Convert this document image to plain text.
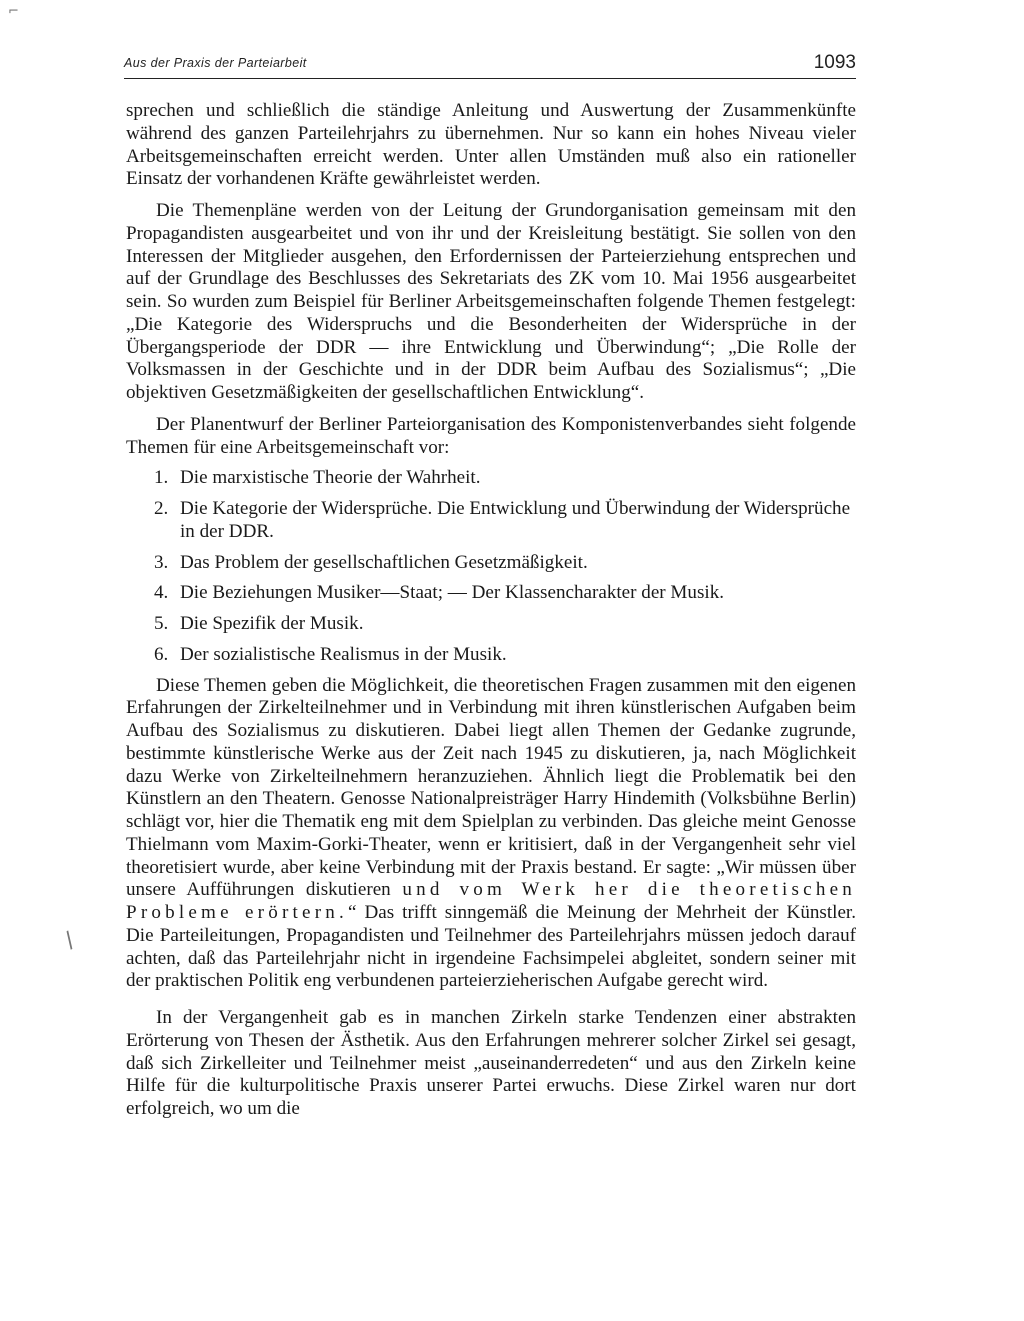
Aus der Praxis der Parteiarbeit	1093

sprechen und schließlich die ständige Anleitung und Auswertung der Zusammenkünfte während des ganzen Parteilehrjahrs zu übernehmen. Nur so kann ein hohes Niveau vieler Arbeitsgemeinschaften erreicht werden. Unter allen Umständen muß also ein rationeller Einsatz der vorhandenen Kräfte gewährleistet werden.

Die Themenpläne werden von der Leitung der Grundorganisation gemeinsam mit den Propagandisten ausgearbeitet und von ihr und der Kreisleitung bestätigt. Sie sollen von den Interessen der Mitglieder ausgehen, den Erfordernissen der Parteierziehung entsprechen und auf der Grundlage des Beschlusses des Sekretariats des ZK vom 10. Mai 1956 ausgearbeitet sein. So wurden zum Beispiel für Berliner Arbeitsgemeinschaften folgende Themen festgelegt: „Die Kategorie des Widerspruchs und die Besonderheiten der Widersprüche in der Übergangsperiode der DDR — ihre Entwicklung und Überwindung“; „Die Rolle der Volksmassen in der Geschichte und in der DDR beim Aufbau des Sozialismus“; „Die objektiven Gesetzmäßigkeiten der gesellschaftlichen Entwicklung“.

Der Planentwurf der Berliner Parteiorganisation des Komponistenverbandes sieht folgende Themen für eine Arbeitsgemeinschaft vor:

1. Die marxistische Theorie der Wahrheit.
2. Die Kategorie der Widersprüche. Die Entwicklung und Überwindung der Widersprüche in der DDR.
3. Das Problem der gesellschaftlichen Gesetzmäßigkeit.
4. Die Beziehungen Musiker—Staat; — Der Klassencharakter der Musik.
5. Die Spezifik der Musik.
6. Der sozialistische Realismus in der Musik.

Diese Themen geben die Möglichkeit, die theoretischen Fragen zusammen mit den eigenen Erfahrungen der Zirkelteilnehmer und in Verbindung mit ihren künstlerischen Aufgaben beim Aufbau des Sozialismus zu diskutieren. Dabei liegt allen Themen der Gedanke zugrunde, bestimmte künstlerische Werke aus der Zeit nach 1945 zu diskutieren, ja, nach Möglichkeit dazu Werke von Zirkelteilnehmern heranzuziehen. Ähnlich liegt die Problematik bei den Künstlern an den Theatern. Genosse Nationalpreisträger Harry Hindemith (Volksbühne Berlin) schlägt vor, hier die Thematik eng mit dem Spielplan zu verbinden. Das gleiche meint Genosse Thielmann vom Maxim-Gorki-Theater, wenn er kritisiert, daß in der Vergangenheit sehr viel theoretisiert wurde, aber keine Verbindung mit der Praxis bestand. Er sagte: „Wir müssen über unsere Aufführungen diskutieren und vom Werk her die theoretischen Probleme erörtern.“ Das trifft sinngemäß die Meinung der Mehrheit der Künstler. Die Parteileitungen, Propagandisten und Teilnehmer des Parteilehrjahrs müssen jedoch darauf achten, daß das Parteilehrjahr nicht in irgendeine Fachsimpelei abgleitet, sondern seiner mit der praktischen Politik eng verbundenen parteierzieherischen Aufgabe gerecht wird.

In der Vergangenheit gab es in manchen Zirkeln starke Tendenzen einer abstrakten Erörterung von Thesen der Ästhetik. Aus den Erfahrungen mehrerer solcher Zirkel sei gesagt, daß sich Zirkelleiter und Teilnehmer meist „auseinanderredeten“ und aus den Zirkeln keine Hilfe für die kulturpolitische Praxis unserer Partei erwuchs. Diese Zirkel waren nur dort erfolgreich, wo um die

⌐
/
